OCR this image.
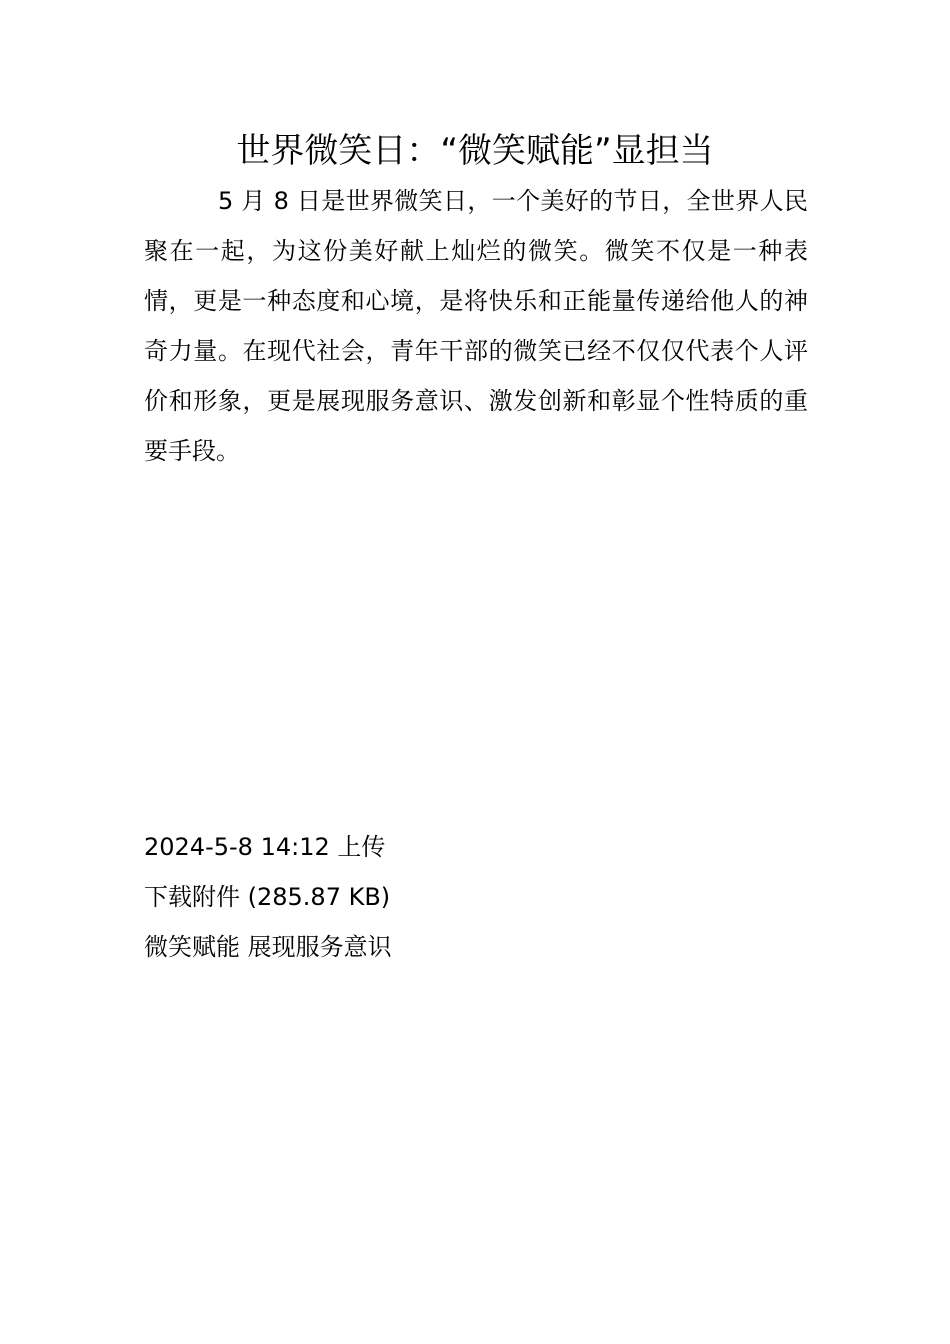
世界微笑日：“微笑赋能”显担当

5 月 8 日是世界微笑日，一个美好的节日，全世界人民聚在一起，为这份美好献上灿烂的微笑。微笑不仅是一种表情，更是一种态度和心境，是将快乐和正能量传递给他人的神奇力量。在现代社会，青年干部的微笑已经不仅仅代表个人评价和形象，更是展现服务意识、激发创新和彰显个性特质的重要手段。

2024-5-8 14:12 上传
下载附件 (285.87 KB)
微笑赋能 展现服务意识
